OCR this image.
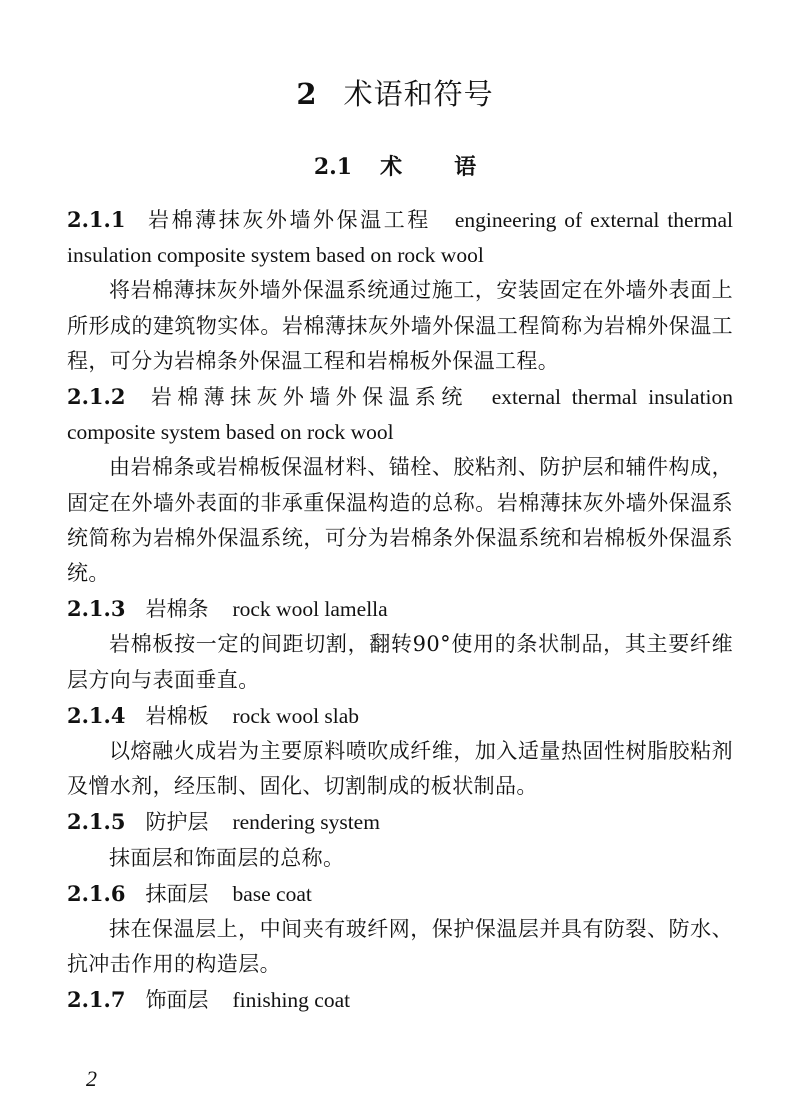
2 术语和符号
2.1 术语

2.1.1 岩棉薄抹灰外墙外保温工程 engineering of external thermal insulation composite system based on rock wool

将岩棉薄抹灰外墙外保温系统通过施工，安装固定在外墙外表面上所形成的建筑物实体。岩棉薄抹灰外墙外保温工程简称为岩棉外保温工程，可分为岩棉条外保温工程和岩棉板外保温工程。

2.1.2 岩棉薄抹灰外墙外保温系统 external thermal insulation composite system based on rock wool

由岩棉条或岩棉板保温材料、锚栓、胶粘剂、防护层和辅件构成，固定在外墙外表面的非承重保温构造的总称。岩棉薄抹灰外墙外保温系统简称为岩棉外保温系统，可分为岩棉条外保温系统和岩棉板外保温系统。

2.1.3 岩棉条 rock wool lamella

岩棉板按一定的间距切割，翻转90°使用的条状制品，其主要纤维层方向与表面垂直。

2.1.4 岩棉板 rock wool slab

以熔融火成岩为主要原料喷吹成纤维，加入适量热固性树脂胶粘剂及憎水剂，经压制、固化、切割制成的板状制品。

2.1.5 防护层 rendering system

抹面层和饰面层的总称。

2.1.6 抹面层 base coat

抹在保温层上，中间夹有玻纤网，保护保温层并具有防裂、防水、抗冲击作用的构造层。

2.1.7 饰面层 finishing coat

2
